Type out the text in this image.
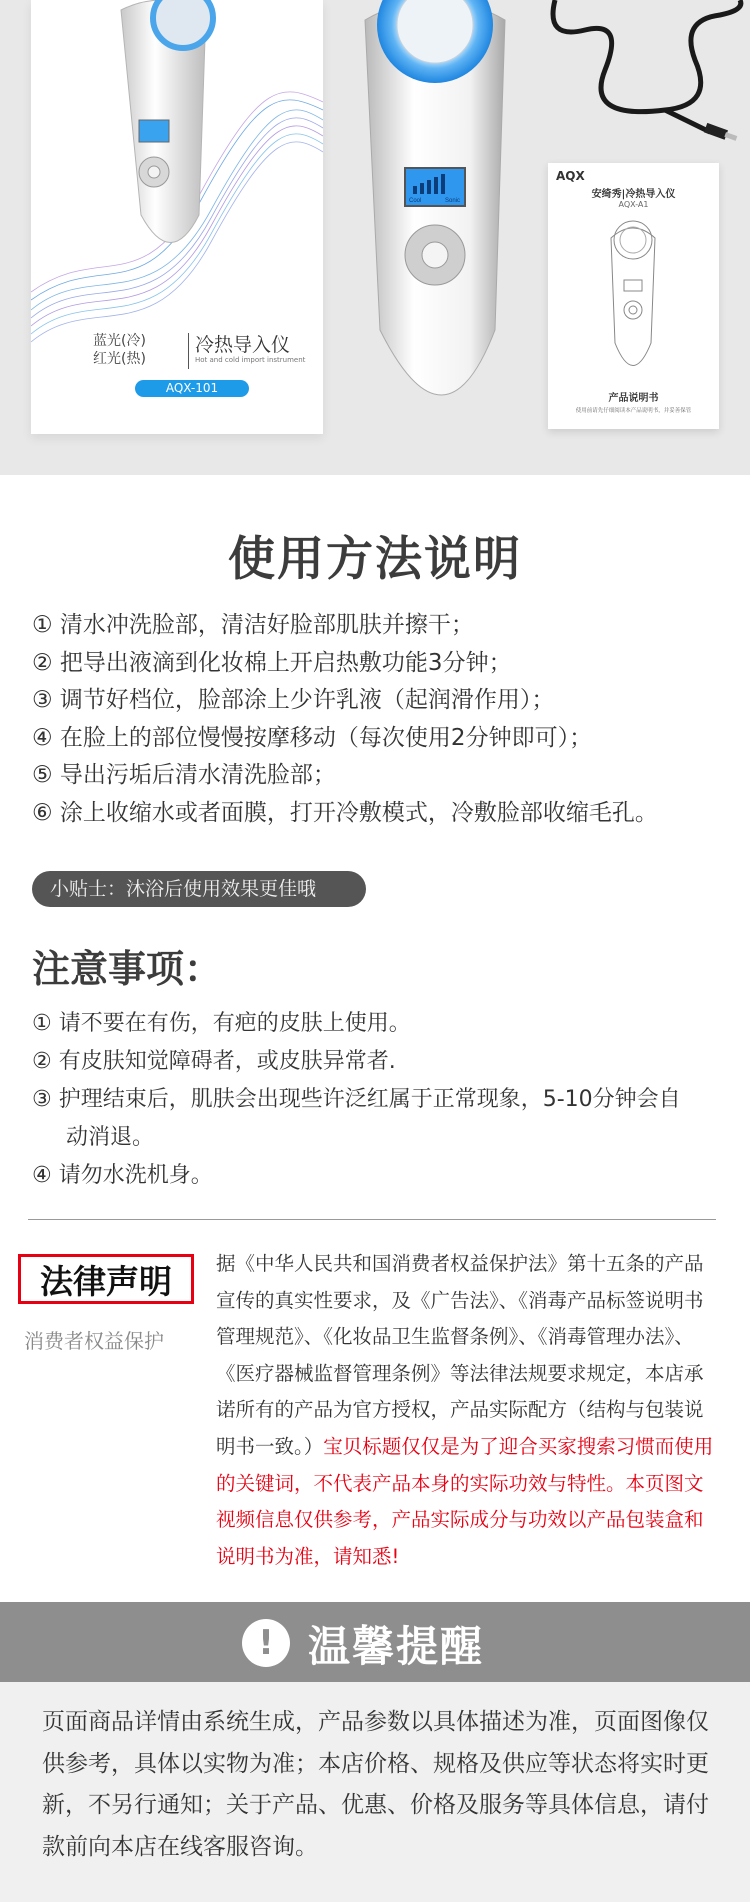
蓝光(冷)
红光(热)
冷热导入仪
Hot and cold import instrument
AQX-101
Cool	Sonic
AQX
安绮秀|冷热导入仪
AQX-A1
产品说明书
使用前请先仔细阅读本产品说明书，并妥善保管
使用方法说明
① 清水冲洗脸部，清洁好脸部肌肤并擦干；
② 把导出液滴到化妆棉上开启热敷功能3分钟；
③ 调节好档位，脸部涂上少许乳液（起润滑作用）；
④ 在脸上的部位慢慢按摩移动（每次使用2分钟即可）；
⑤ 导出污垢后清水清洗脸部；
⑥ 涂上收缩水或者面膜，打开冷敷模式，冷敷脸部收缩毛孔。
小贴士：沐浴后使用效果更佳哦
注意事项：
① 请不要在有伤，有疤的皮肤上使用。
② 有皮肤知觉障碍者，或皮肤异常者.
③ 护理结束后，肌肤会出现些许泛红属于正常现象，5-10分钟会自动消退。
④ 请勿水洗机身。
法律声明
消费者权益保护

据《中华人民共和国消费者权益保护法》第十五条的产品宣传的真实性要求，及《广告法》、《消毒产品标签说明书管理规范》、《化妆品卫生监督条例》、《消毒管理办法》、《医疗器械监督管理条例》等法律法规要求规定，本店承诺所有的产品为官方授权，产品实际配方（结构与包装说明书一致。）宝贝标题仅仅是为了迎合买家搜索习惯而使用的关键词，不代表产品本身的实际功效与特性。本页图文视频信息仅供参考，产品实际成分与功效以产品包装盒和说明书为准，请知悉!

! 温馨提醒

页面商品详情由系统生成，产品参数以具体描述为准，页面图像仅供参考，具体以实物为准；本店价格、规格及供应等状态将实时更新，不另行通知；关于产品、优惠、价格及服务等具体信息，请付款前向本店在线客服咨询。
